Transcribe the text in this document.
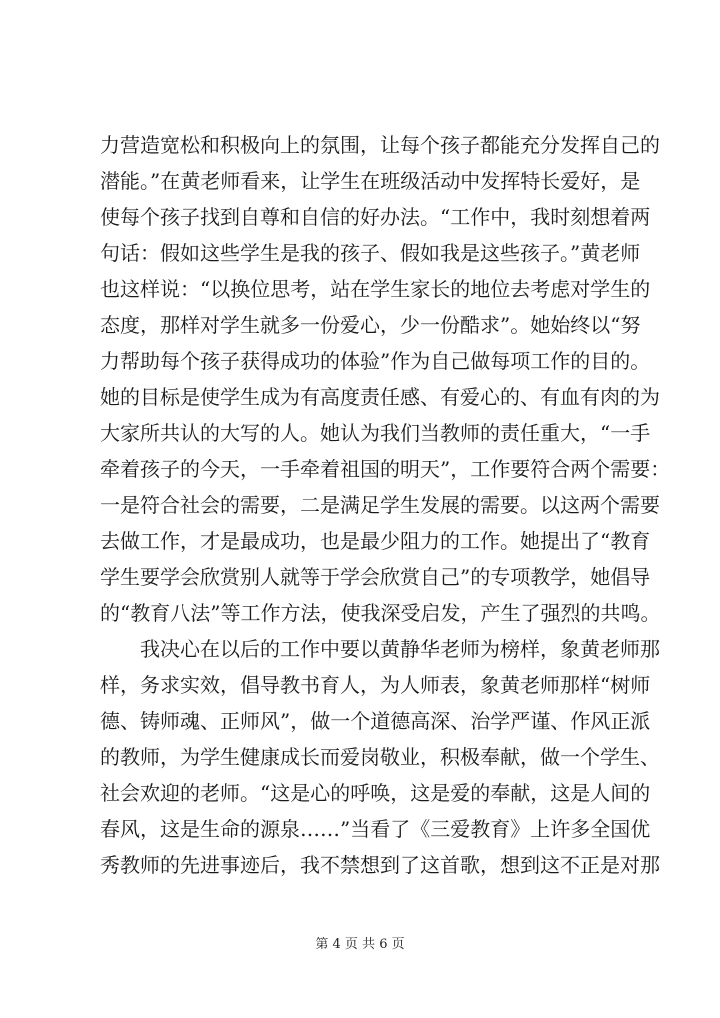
力营造宽松和积极向上的氛围，让每个孩子都能充分发挥自己的
潜能。”在黄老师看来，让学生在班级活动中发挥特长爱好，是
使每个孩子找到自尊和自信的好办法。“工作中，我时刻想着两
句话：假如这些学生是我的孩子、假如我是这些孩子。”黄老师
也这样说：“以换位思考，站在学生家长的地位去考虑对学生的
态度，那样对学生就多一份爱心，少一份酷求”。她始终以“努
力帮助每个孩子获得成功的体验”作为自己做每项工作的目的。
她的目标是使学生成为有高度责任感、有爱心的、有血有肉的为
大家所共认的大写的人。她认为我们当教师的责任重大，“一手
牵着孩子的今天，一手牵着祖国的明天”，工作要符合两个需要：
一是符合社会的需要，二是满足学生发展的需要。以这两个需要
去做工作，才是最成功，也是最少阻力的工作。她提出了“教育
学生要学会欣赏别人就等于学会欣赏自己”的专项教学，她倡导
的“教育八法”等工作方法，使我深受启发，产生了强烈的共鸣。
我决心在以后的工作中要以黄静华老师为榜样，象黄老师那
样，务求实效，倡导教书育人，为人师表，象黄老师那样“树师
德、铸师魂、正师风”，做一个道德高深、治学严谨、作风正派
的教师，为学生健康成长而爱岗敬业，积极奉献，做一个学生、
社会欢迎的老师。“这是心的呼唤，这是爱的奉献，这是人间的
春风，这是生命的源泉……”当看了《三爱教育》上许多全国优
秀教师的先进事迹后，我不禁想到了这首歌，想到这不正是对那
第 4 页 共 6 页
